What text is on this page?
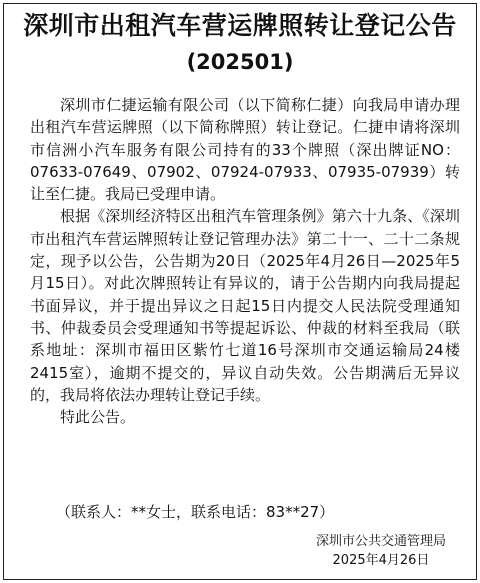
深圳市出租汽车营运牌照转让登记公告
(202501)

深圳市仁捷运输有限公司（以下简称仁捷）向我局申请办理出租汽车营运牌照（以下简称牌照）转让登记。仁捷申请将深圳市信洲小汽车服务有限公司持有的33个牌照（深出牌证NO：07633-07649、07902、07924-07933、07935-07939）转让至仁捷。我局已受理申请。

根据《深圳经济特区出租汽车管理条例》第六十九条、《深圳市出租汽车营运牌照转让登记管理办法》第二十一、二十二条规定，现予以公告，公告期为20日（2025年4月26日—2025年5月15日）。对此次牌照转让有异议的，请于公告期内向我局提起书面异议，并于提出异议之日起15日内提交人民法院受理通知书、仲裁委员会受理通知书等提起诉讼、仲裁的材料至我局（联系地址：深圳市福田区紫竹七道16号深圳市交通运输局24楼2415室），逾期不提交的，异议自动失效。公告期满后无异议的，我局将依法办理转让登记手续。

特此公告。

（联系人：**女士，联系电话：83**27）
深圳市公共交通管理局
2025年4月26日
